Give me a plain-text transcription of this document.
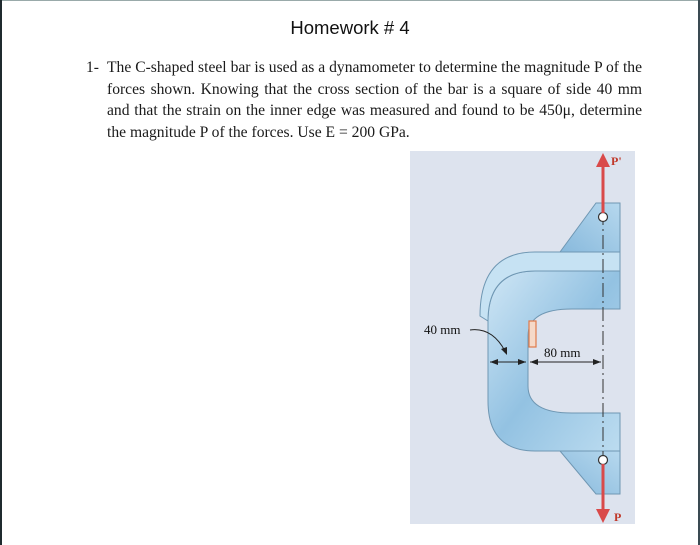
Homework # 4
1- The C-shaped steel bar is used as a dynamometer to determine the magnitude P of the forces shown. Knowing that the cross section of the bar is a square of side 40 mm and that the strain on the inner edge was measured and found to be 450μ, determine the magnitude P of the forces. Use E = 200 GPa.
40 mm
80 mm
P'
P
